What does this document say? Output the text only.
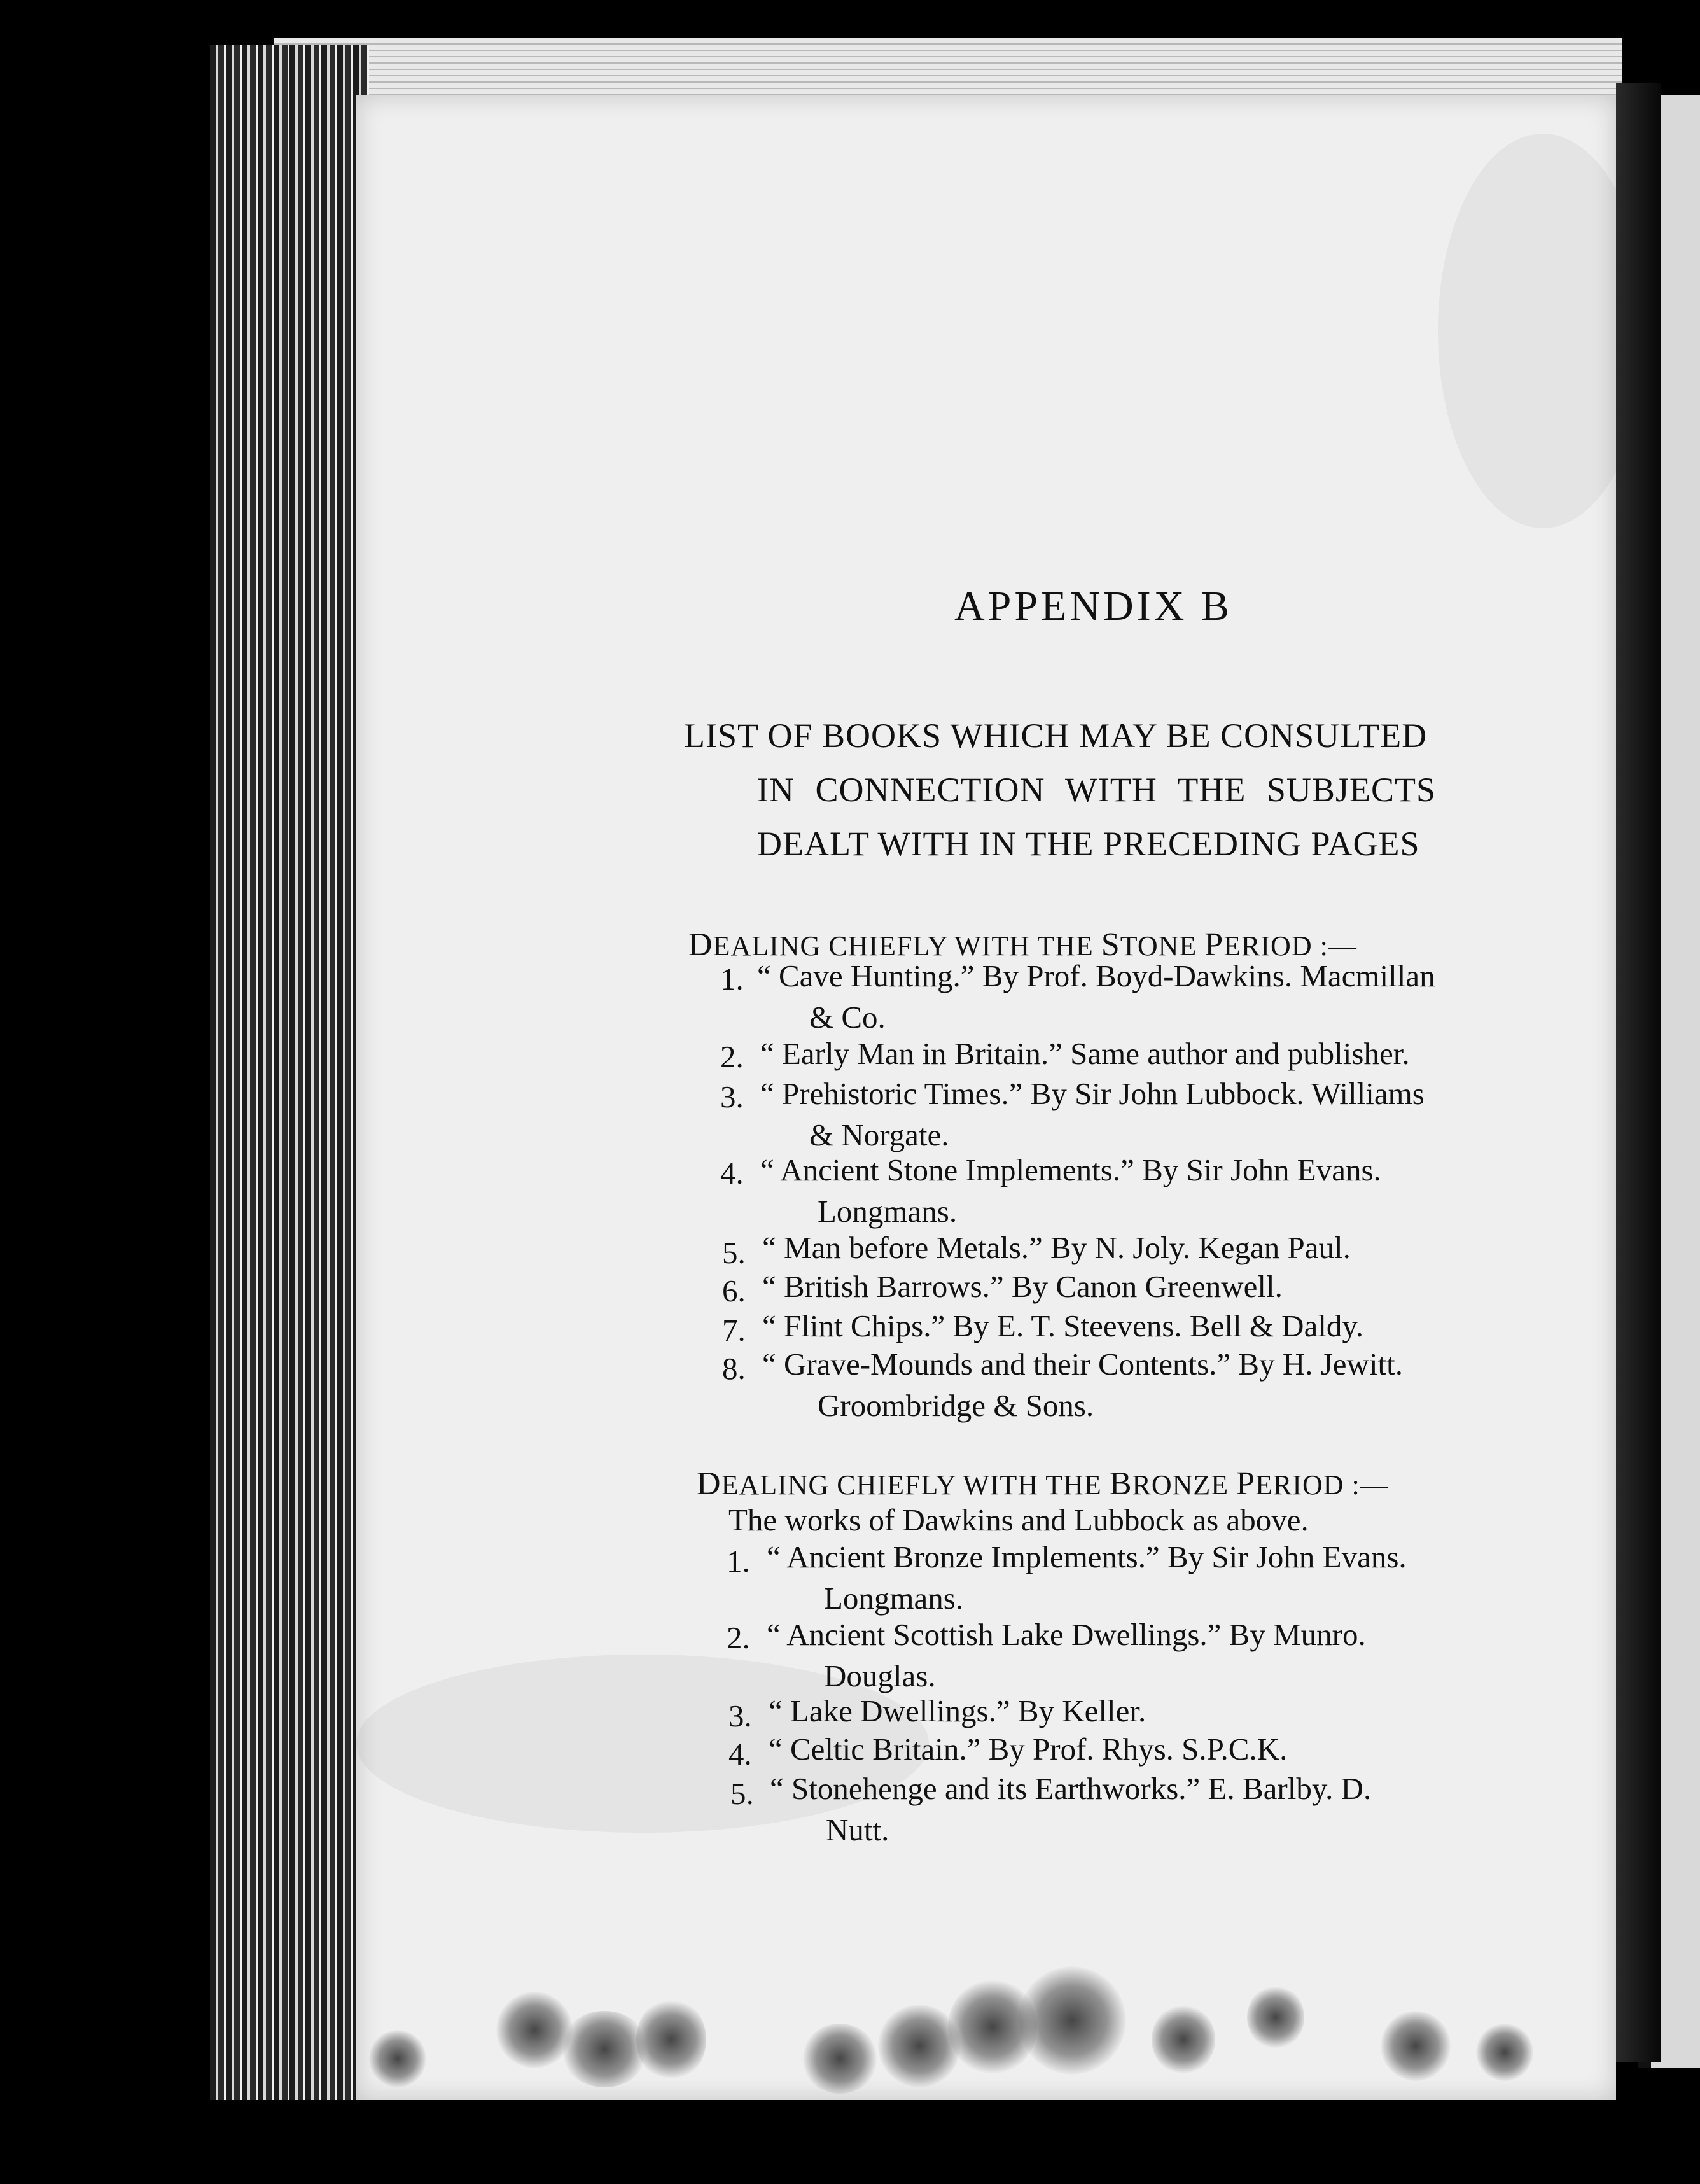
APPENDIX B
LIST OF BOOKS WHICH MAY BE CONSULTED
IN CONNECTION WITH THE SUBJECTS
DEALT WITH IN THE PRECEDING PAGES
DEALING CHIEFLY WITH THE STONE PERIOD :—
1. “ Cave Hunting.” By Prof. Boyd-Dawkins. Macmillan
& Co.
2. “ Early Man in Britain.” Same author and publisher.
3. “ Prehistoric Times.” By Sir John Lubbock. Williams
& Norgate.
4. “ Ancient Stone Implements.” By Sir John Evans.
Longmans.
5. “ Man before Metals.” By N. Joly. Kegan Paul.
6. “ British Barrows.” By Canon Greenwell.
7. “ Flint Chips.” By E. T. Steevens. Bell & Daldy.
8. “ Grave-Mounds and their Contents.” By H. Jewitt.
Groombridge & Sons.
DEALING CHIEFLY WITH THE BRONZE PERIOD :—
The works of Dawkins and Lubbock as above.
1. “ Ancient Bronze Implements.” By Sir John Evans.
Longmans.
2. “ Ancient Scottish Lake Dwellings.” By Munro.
Douglas.
3. “ Lake Dwellings.” By Keller.
4. “ Celtic Britain.” By Prof. Rhys. S.P.C.K.
5. “ Stonehenge and its Earthworks.” E. Barlby. D.
Nutt.
